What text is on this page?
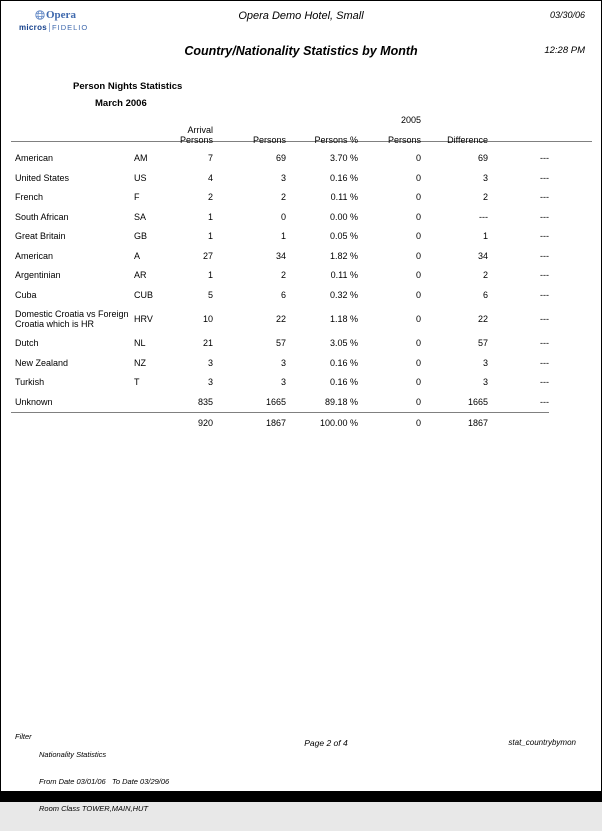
Opera
micros FIDELIO
Opera Demo Hotel, Small	03/30/06
Country/Nationality Statistics by Month	12:28 PM
Person Nights Statistics
March 2006
					2005		
		Arrival Persons	Persons	Persons %	Persons	Difference	
American	AM	7	69	3.70 %	0	69	---
United States	US	4	3	0.16 %	0	3	---
French	F	2	2	0.11 %	0	2	---
South African	SA	1	0	0.00 %	0	---	---
Great Britain	GB	1	1	0.05 %	0	1	---
American	A	27	34	1.82 %	0	34	---
Argentinian	AR	1	2	0.11 %	0	2	---
Cuba	CUB	5	6	0.32 %	0	6	---
Domestic Croatia vs Foreign Croatia which is HR	HRV	10	22	1.18 %	0	22	---
Dutch	NL	21	57	3.05 %	0	57	---
New Zealand	NZ	3	3	0.16 %	0	3	---
Turkish	T	3	3	0.16 %	0	3	---
Unknown		835	1665	89.18 %	0	1665	---
		920	1867	100.00 %	0	1867	
Filter

Nationality Statistics

From Date 03/01/06   To Date 03/29/06

Room Class TOWER,MAIN,HUT

Page 2 of 4	stat_countrybymon
